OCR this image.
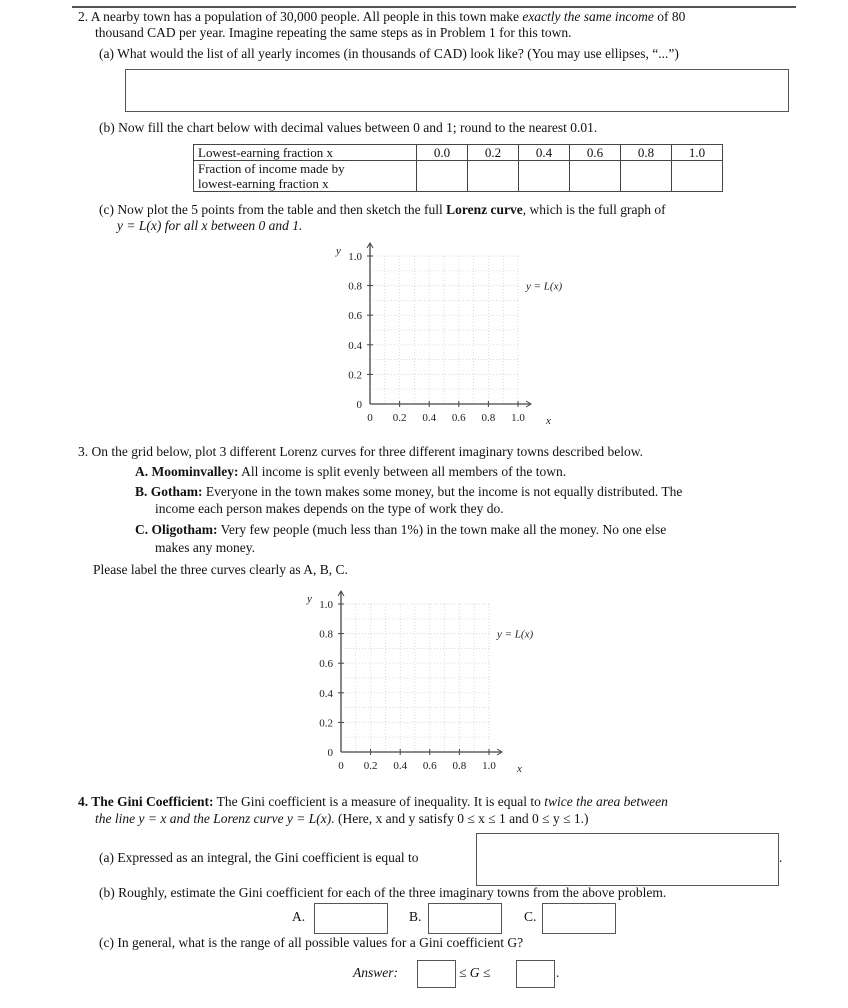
2. A nearby town has a population of 30,000 people. All people in this town make exactly the same income of 80
thousand CAD per year. Imagine repeating the same steps as in Problem 1 for this town.
(a) What would the list of all yearly incomes (in thousands of CAD) look like? (You may use ellipses, “...”)
(b) Now fill the chart below with decimal values between 0 and 1; round to the nearest 0.01.
Lowest-earning fraction x	0.0	0.2	0.4	0.6	0.8	1.0
Fraction of income made by
lowest-earning fraction x						
(c) Now plot the 5 points from the table and then sketch the full Lorenz curve, which is the full graph of
y = L(x) for all x between 0 and 1.
0
0.2
0.4
0.6
0.8
1.0
0 0.2 0.4 0.6 0.8 1.0
y
x
y = L(x)
3. On the grid below, plot 3 different Lorenz curves for three different imaginary towns described below.
A. Moominvalley: All income is split evenly between all members of the town.
B. Gotham: Everyone in the town makes some money, but the income is not equally distributed. The
income each person makes depends on the type of work they do.
C. Oligotham: Very few people (much less than 1%) in the town make all the money. No one else
makes any money.
Please label the three curves clearly as A, B, C.
0
0.2
0.4
0.6
0.8
1.0
0 0.2 0.4 0.6 0.8 1.0
y
x
y = L(x)
4. The Gini Coefficient: The Gini coefficient is a measure of inequality. It is equal to twice the area between
the line y = x and the Lorenz curve y = L(x). (Here, x and y satisfy 0 ≤ x ≤ 1 and 0 ≤ y ≤ 1.)
(a) Expressed as an integral, the Gini coefficient is equal to	.
(b) Roughly, estimate the Gini coefficient for each of the three imaginary towns from the above problem.
A.	B.	C.
(c) In general, what is the range of all possible values for a Gini coefficient G?
Answer:	≤ G ≤	.
